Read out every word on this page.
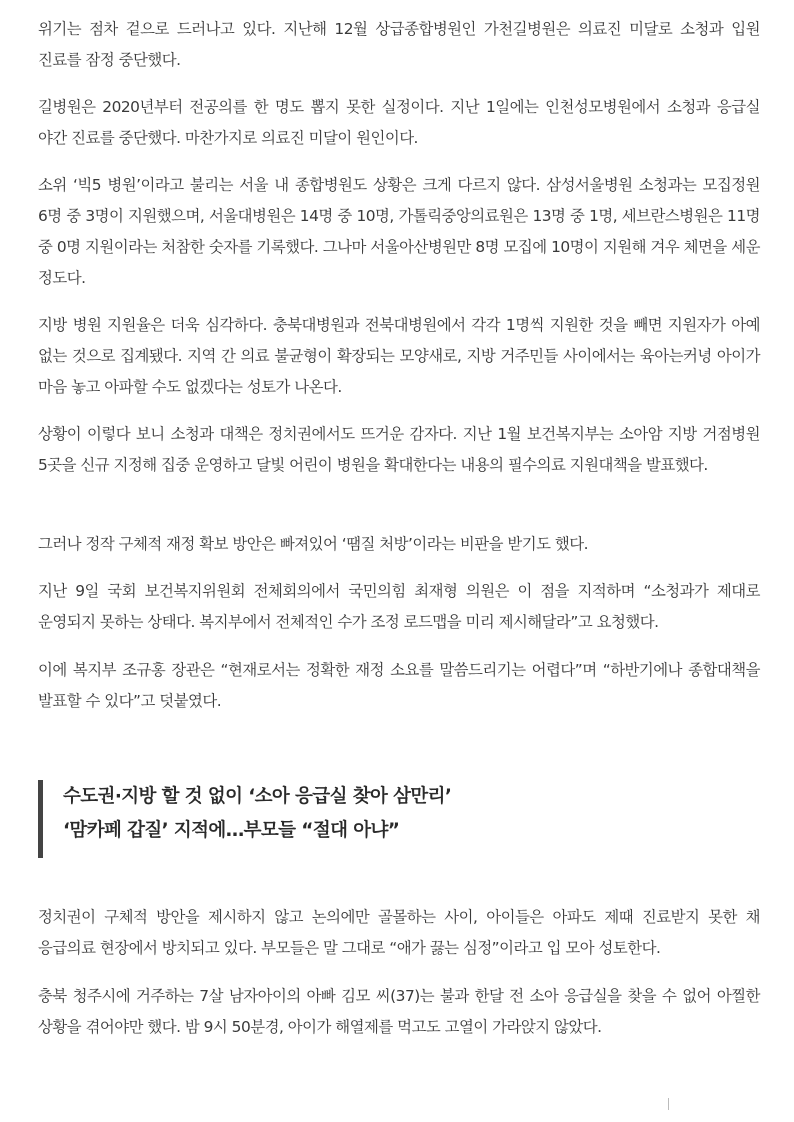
위기는 점차 겉으로 드러나고 있다. 지난해 12월 상급종합병원인 가천길병원은 의료진 미달로 소청과 입원 진료를 잠정 중단했다.

길병원은 2020년부터 전공의를 한 명도 뽑지 못한 실정이다. 지난 1일에는 인천성모병원에서 소청과 응급실 야간 진료를 중단했다. 마찬가지로 의료진 미달이 원인이다.

소위 ‘빅5 병원’이라고 불리는 서울 내 종합병원도 상황은 크게 다르지 않다. 삼성서울병원 소청과는 모집정원 6명 중 3명이 지원했으며, 서울대병원은 14명 중 10명, 가톨릭중앙의료원은 13명 중 1명, 세브란스병원은 11명 중 0명 지원이라는 처참한 숫자를 기록했다. 그나마 서울아산병원만 8명 모집에 10명이 지원해 겨우 체면을 세운 정도다.

지방 병원 지원율은 더욱 심각하다. 충북대병원과 전북대병원에서 각각 1명씩 지원한 것을 빼면 지원자가 아예 없는 것으로 집계됐다. 지역 간 의료 불균형이 확장되는 모양새로, 지방 거주민들 사이에서는 육아는커녕 아이가 마음 놓고 아파할 수도 없겠다는 성토가 나온다.

상황이 이렇다 보니 소청과 대책은 정치권에서도 뜨거운 감자다. 지난 1월 보건복지부는 소아암 지방 거점병원 5곳을 신규 지정해 집중 운영하고 달빛 어린이 병원을 확대한다는 내용의 필수의료 지원대책을 발표했다.

그러나 정작 구체적 재정 확보 방안은 빠져있어 ‘땜질 처방’이라는 비판을 받기도 했다.

지난 9일 국회 보건복지위원회 전체회의에서 국민의힘 최재형 의원은 이 점을 지적하며 “소청과가 제대로 운영되지 못하는 상태다. 복지부에서 전체적인 수가 조정 로드맵을 미리 제시해달라”고 요청했다.

이에 복지부 조규홍 장관은 “현재로서는 정확한 재정 소요를 말씀드리기는 어렵다”며 “하반기에나 종합대책을 발표할 수 있다”고 덧붙였다.

수도권·지방 할 것 없이 ‘소아 응급실 찾아 삼만리’
‘맘카페 갑질’ 지적에…부모들 “절대 아냐”

정치권이 구체적 방안을 제시하지 않고 논의에만 골몰하는 사이, 아이들은 아파도 제때 진료받지 못한 채 응급의료 현장에서 방치되고 있다. 부모들은 말 그대로 “애가 끓는 심정”이라고 입 모아 성토한다.

충북 청주시에 거주하는 7살 남자아이의 아빠 김모 씨(37)는 불과 한달 전 소아 응급실을 찾을 수 없어 아찔한 상황을 겪어야만 했다. 밤 9시 50분경, 아이가 해열제를 먹고도 고열이 가라앉지 않았다.
